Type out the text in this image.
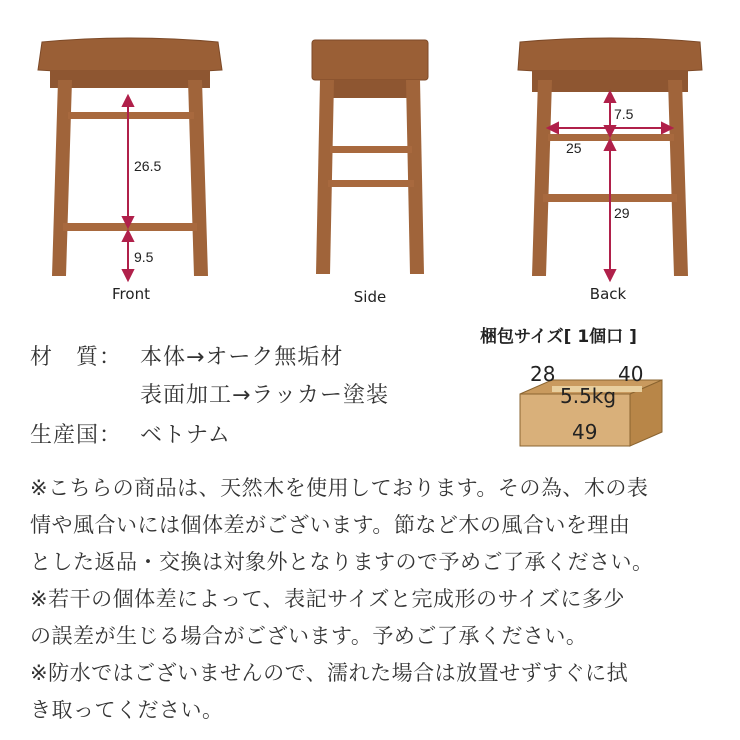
26.5
9.5
Front	Side
7.5
25
29
Back
材　質： 本体→オーク無垢材
表面加工→ラッカー塗装
生産国： ベトナム
梱包サイズ[ 1個口 ]
28	40
5.5kg
49

※こちらの商品は、天然木を使用しております。その為、木の表

情や風合いには個体差がございます。節など木の風合いを理由

とした返品・交換は対象外となりますので予めご了承ください。

※若干の個体差によって、表記サイズと完成形のサイズに多少

の誤差が生じる場合がございます。予めご了承ください。

※防水ではございませんので、濡れた場合は放置せずすぐに拭

き取ってください。
